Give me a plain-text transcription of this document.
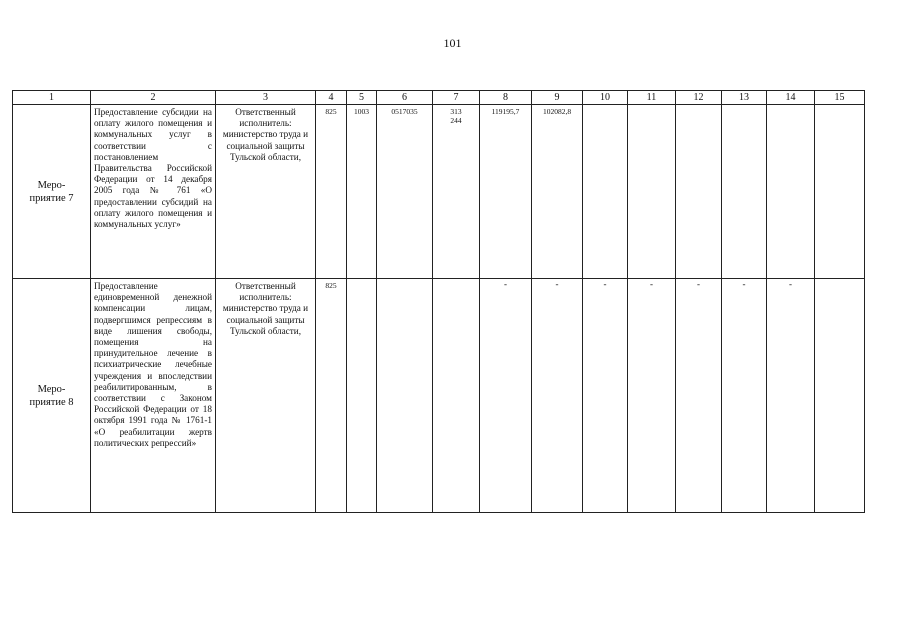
101
1	2	3	4	5	6	7	8	9	10	11	12	13	14	15
Меро-
приятие 7	Предоставление субсидии на оплату жилого помещения и коммунальных услуг в соответствии с постановлением Правительства Российской Федерации от 14 декабря 2005 года № 761 «О предоставлении субсидий на оплату жилого помещения и коммунальных услуг»	Ответственный исполнитель: министерство труда и социальной защиты Тульской области,	825	1003	0517035	313
244	119195,7	102082,8						
Меро-
приятие 8	Предоставление единовременной денежной компенсации лицам, подвергшимся репрессиям в виде лишения свободы, помещения на принудительное лечение в психиатрические лечебные учреждения и впоследствии реабилитированным, в соответствии с Законом Российской Федерации от 18 октября 1991 года № 1761-1 «О реабилитации жертв политических репрессий»	Ответственный исполнитель: министерство труда и социальной защиты Тульской области,	825				-	-	-	-	-	-	-	
